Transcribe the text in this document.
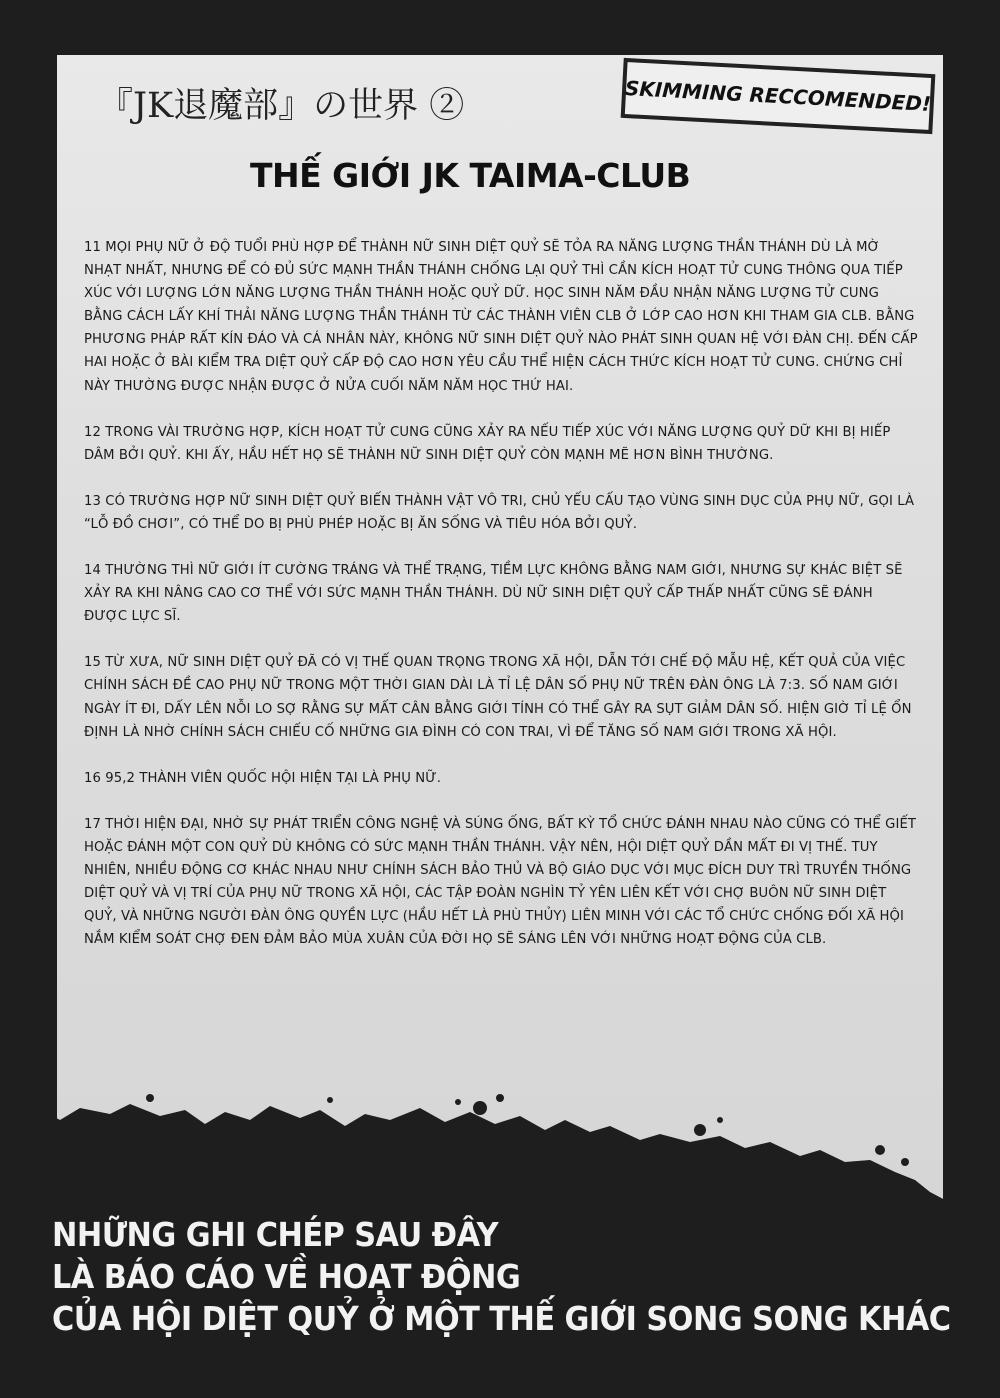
『JK退魔部』の世界 ②	SKIMMING RECCOMENDED!
THẾ GIỚI JK TAIMA-CLUB

11 MỌI PHỤ NỮ Ở ĐỘ TUỔI PHÙ HỢP ĐỂ THÀNH NỮ SINH DIỆT QUỶ SẼ TỎA RA NĂNG LƯỢNG THẦN THÁNH DÙ LÀ MỜ NHẠT NHẤT, NHƯNG ĐỂ CÓ ĐỦ SỨC MẠNH THẦN THÁNH CHỐNG LẠI QUỶ THÌ CẦN KÍCH HOẠT TỬ CUNG THÔNG QUA TIẾP XÚC VỚI LƯỢNG LỚN NĂNG LƯỢNG THẦN THÁNH HOẶC QUỶ DỮ. HỌC SINH NĂM ĐẦU NHẬN NĂNG LƯỢNG TỬ CUNG BẰNG CÁCH LẤY KHÍ THẢI NĂNG LƯỢNG THẦN THÁNH TỪ CÁC THÀNH VIÊN CLB Ở LỚP CAO HƠN KHI THAM GIA CLB. BẰNG PHƯƠNG PHÁP RẤT KÍN ĐÁO VÀ CÁ NHÂN NÀY, KHÔNG NỮ SINH DIỆT QUỶ NÀO PHÁT SINH QUAN HỆ VỚI ĐÀN CHỊ. ĐẾN CẤP HAI HOẶC Ở BÀI KIỂM TRA DIỆT QUỶ CẤP ĐỘ CAO HƠN YÊU CẦU THỂ HIỆN CÁCH THỨC KÍCH HOẠT TỬ CUNG. CHỨNG CHỈ NÀY THƯỜNG ĐƯỢC NHẬN ĐƯỢC Ở NỬA CUỐI NĂM NĂM HỌC THỨ HAI.

12 TRONG VÀI TRƯỜNG HỢP, KÍCH HOẠT TỬ CUNG CŨNG XẢY RA NẾU TIẾP XÚC VỚI NĂNG LƯỢNG QUỶ DỮ KHI BỊ HIẾP DÂM BỞI QUỶ. KHI ẤY, HẦU HẾT HỌ SẼ THÀNH NỮ SINH DIỆT QUỶ CÒN MẠNH MẼ HƠN BÌNH THƯỜNG.

13 CÓ TRƯỜNG HỢP NỮ SINH DIỆT QUỶ BIẾN THÀNH VẬT VÔ TRI, CHỦ YẾU CẤU TẠO VÙNG SINH DỤC CỦA PHỤ NỮ, GỌI LÀ “LỖ ĐỒ CHƠI”, CÓ THỂ DO BỊ PHÙ PHÉP HOẶC BỊ ĂN SỐNG VÀ TIÊU HÓA BỞI QUỶ.

14 THƯỜNG THÌ NỮ GIỚI ÍT CƯỜNG TRÁNG VÀ THỂ TRẠNG, TIỀM LỰC KHÔNG BẰNG NAM GIỚI, NHƯNG SỰ KHÁC BIỆT SẼ XẢY RA KHI NÂNG CAO CƠ THỂ VỚI SỨC MẠNH THẦN THÁNH. DÙ NỮ SINH DIỆT QUỶ CẤP THẤP NHẤT CŨNG SẼ ĐÁNH ĐƯỢC LỰC SĨ.

15 TỪ XƯA, NỮ SINH DIỆT QUỶ ĐÃ CÓ VỊ THẾ QUAN TRỌNG TRONG XÃ HỘI, DẪN TỚI CHẾ ĐỘ MẪU HỆ, KẾT QUẢ CỦA VIỆC CHÍNH SÁCH ĐỀ CAO PHỤ NỮ TRONG MỘT THỜI GIAN DÀI LÀ TỈ LỆ DÂN SỐ PHỤ NỮ TRÊN ĐÀN ÔNG LÀ 7:3. SỐ NAM GIỚI NGÀY ÍT ĐI, DẤY LÊN NỖI LO SỢ RẰNG SỰ MẤT CÂN BẰNG GIỚI TÍNH CÓ THỂ GÂY RA SỤT GIẢM DÂN SỐ. HIỆN GIỜ TỈ LỆ ỔN ĐỊNH LÀ NHỜ CHÍNH SÁCH CHIẾU CỐ NHỮNG GIA ĐÌNH CÓ CON TRAI, VÌ ĐỂ TĂNG SỐ NAM GIỚI TRONG XÃ HỘI.

16 95,2 THÀNH VIÊN QUỐC HỘI HIỆN TẠI LÀ PHỤ NỮ.

17 THỜI HIỆN ĐẠI, NHỜ SỰ PHÁT TRIỂN CÔNG NGHỆ VÀ SÚNG ỐNG, BẤT KỲ TỔ CHỨC ĐÁNH NHAU NÀO CŨNG CÓ THỂ GIẾT HOẶC ĐÁNH MỘT CON QUỶ DÙ KHÔNG CÓ SỨC MẠNH THẦN THÁNH. VẬY NÊN, HỘI DIỆT QUỶ DẦN MẤT ĐI VỊ THẾ. TUY NHIÊN, NHIỀU ĐỘNG CƠ KHÁC NHAU NHƯ CHÍNH SÁCH BẢO THỦ VÀ BỘ GIÁO DỤC VỚI MỤC ĐÍCH DUY TRÌ TRUYỀN THỐNG DIỆT QUỶ VÀ VỊ TRÍ CỦA PHỤ NỮ TRONG XÃ HỘI, CÁC TẬP ĐOÀN NGHÌN TỶ YÊN LIÊN KẾT VỚI CHỢ BUÔN NỮ SINH DIỆT QUỶ, VÀ NHỮNG NGƯỜI ĐÀN ÔNG QUYỀN LỰC (HẦU HẾT LÀ PHÙ THỦY) LIÊN MINH VỚI CÁC TỔ CHỨC CHỐNG ĐỐI XÃ HỘI NẮM KIỂM SOÁT CHỢ ĐEN ĐẢM BẢO MÙA XUÂN CỦA ĐỜI HỌ SẼ SÁNG LÊN VỚI NHỮNG HOẠT ĐỘNG CỦA CLB.

NHỮNG GHI CHÉP SAU ĐÂY
LÀ BÁO CÁO VỀ HOẠT ĐỘNG
CỦA HỘI DIỆT QUỶ Ở MỘT THẾ GIỚI SONG SONG KHÁC
